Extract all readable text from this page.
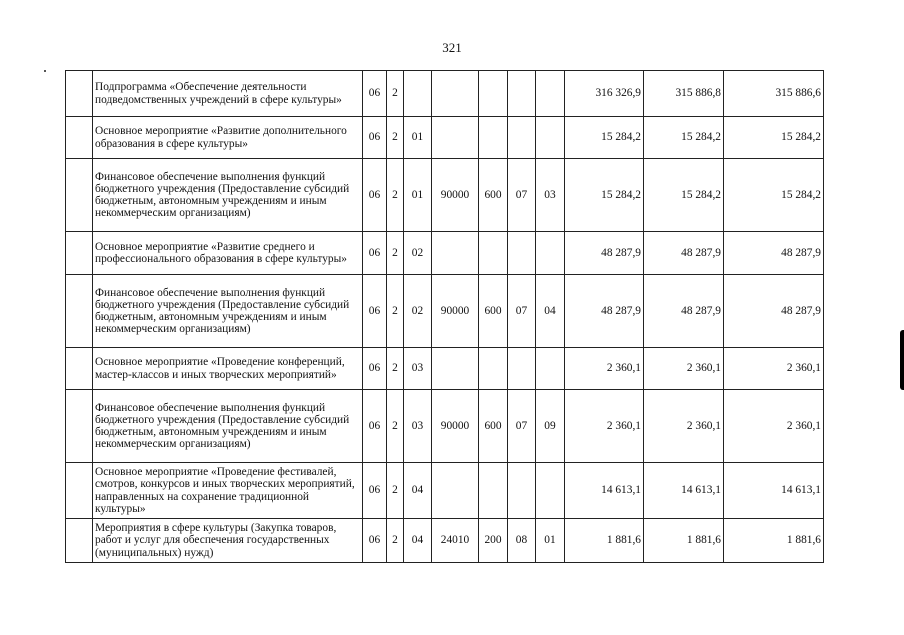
321
	Подпрограмма «Обеспечение деятельности подведомственных учреждений в сфере культуры»	06	2						316 326,9	315 886,8	315 886,6
	Основное мероприятие «Развитие дополнительного образования в сфере культуры»	06	2	01					15 284,2	15 284,2	15 284,2
	Финансовое обеспечение выполнения функций бюджетного учреждения (Предоставление субсидий бюджетным, автономным учреждениям и иным некоммерческим организациям)	06	2	01	90000	600	07	03	15 284,2	15 284,2	15 284,2
	Основное мероприятие «Развитие среднего и профессионального образования в сфере культуры»	06	2	02					48 287,9	48 287,9	48 287,9
	Финансовое обеспечение выполнения функций бюджетного учреждения (Предоставление субсидий бюджетным, автономным учреждениям и иным некоммерческим организациям)	06	2	02	90000	600	07	04	48 287,9	48 287,9	48 287,9
	Основное мероприятие «Проведение конференций, мастер-классов и иных творческих мероприятий»	06	2	03					2 360,1	2 360,1	2 360,1
	Финансовое обеспечение выполнения функций бюджетного учреждения (Предоставление субсидий бюджетным, автономным учреждениям и иным некоммерческим организациям)	06	2	03	90000	600	07	09	2 360,1	2 360,1	2 360,1
	Основное мероприятие «Проведение фестивалей, смотров, конкурсов и иных творческих мероприятий, направленных на сохранение традиционной культуры»	06	2	04					14 613,1	14 613,1	14 613,1
	Мероприятия в сфере культуры (Закупка товаров, работ и услуг для обеспечения государственных (муниципальных) нужд)	06	2	04	24010	200	08	01	1 881,6	1 881,6	1 881,6
